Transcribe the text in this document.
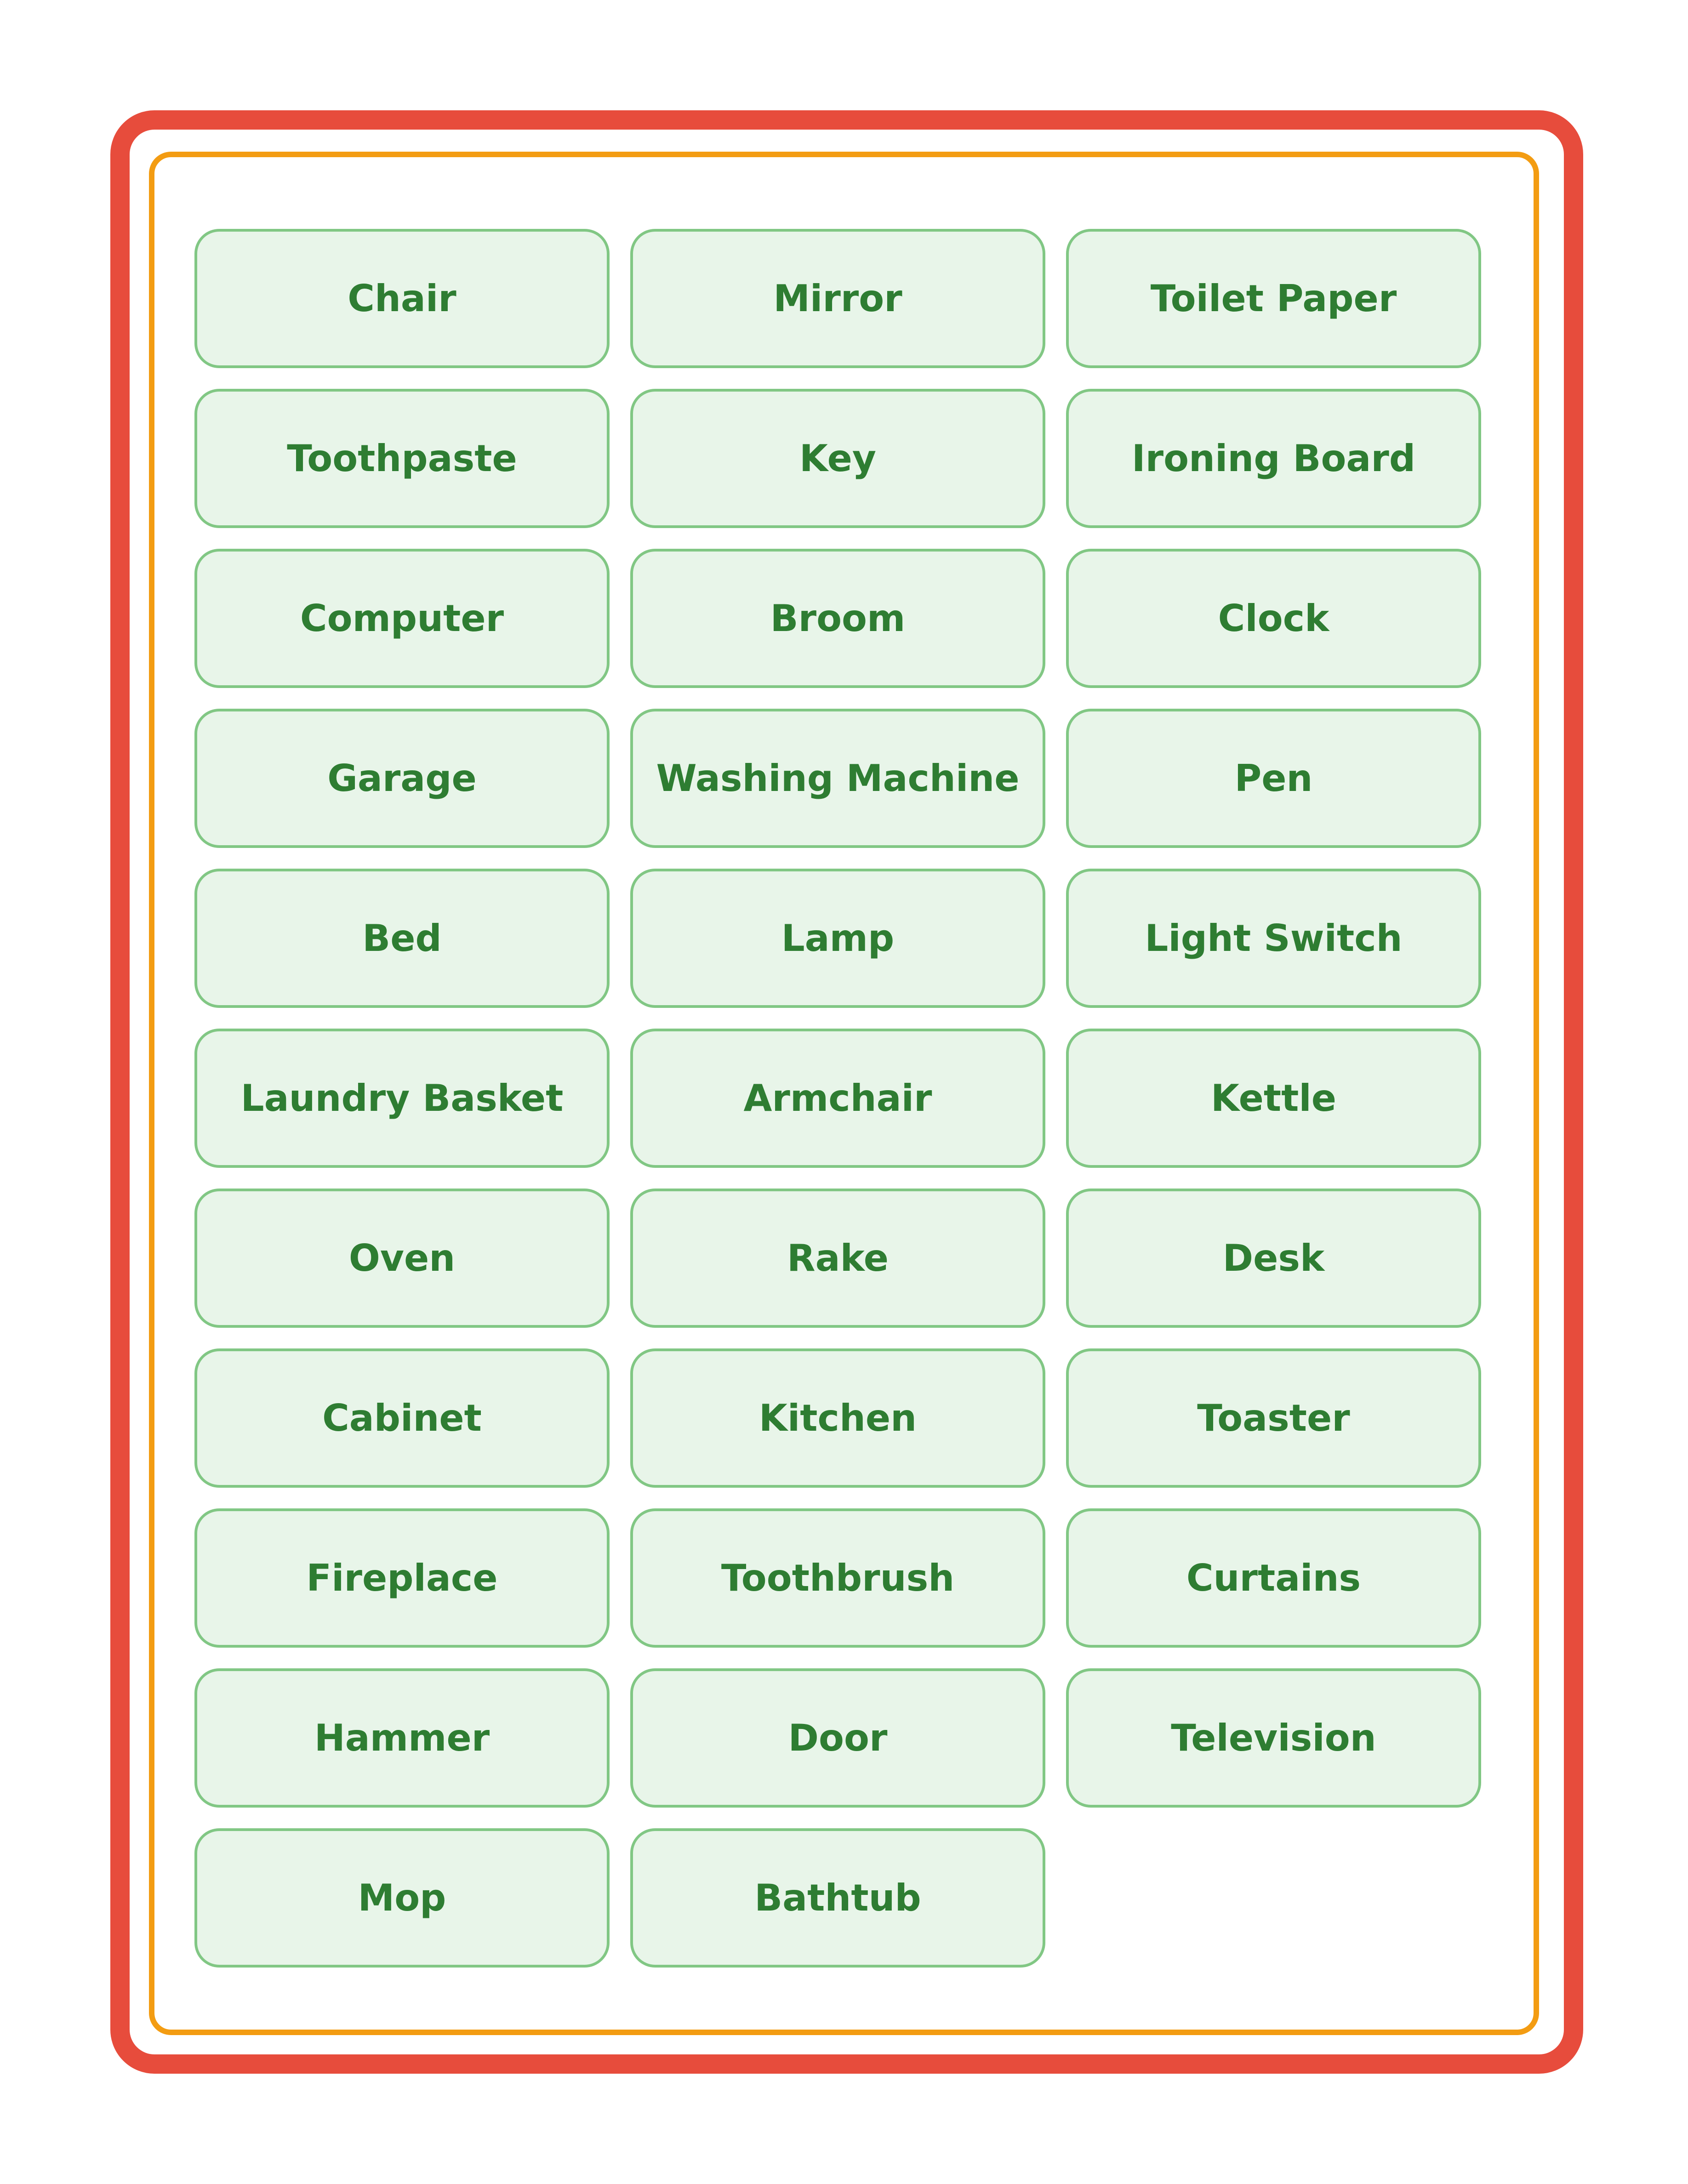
Chair	Mirror	Toilet Paper
Toothpaste	Key	Ironing Board
Computer	Broom	Clock
Garage	Washing Machine	Pen
Bed	Lamp	Light Switch
Laundry Basket	Armchair	Kettle
Oven	Rake	Desk
Cabinet	Kitchen	Toaster
Fireplace	Toothbrush	Curtains
Hammer	Door	Television
Mop	Bathtub
